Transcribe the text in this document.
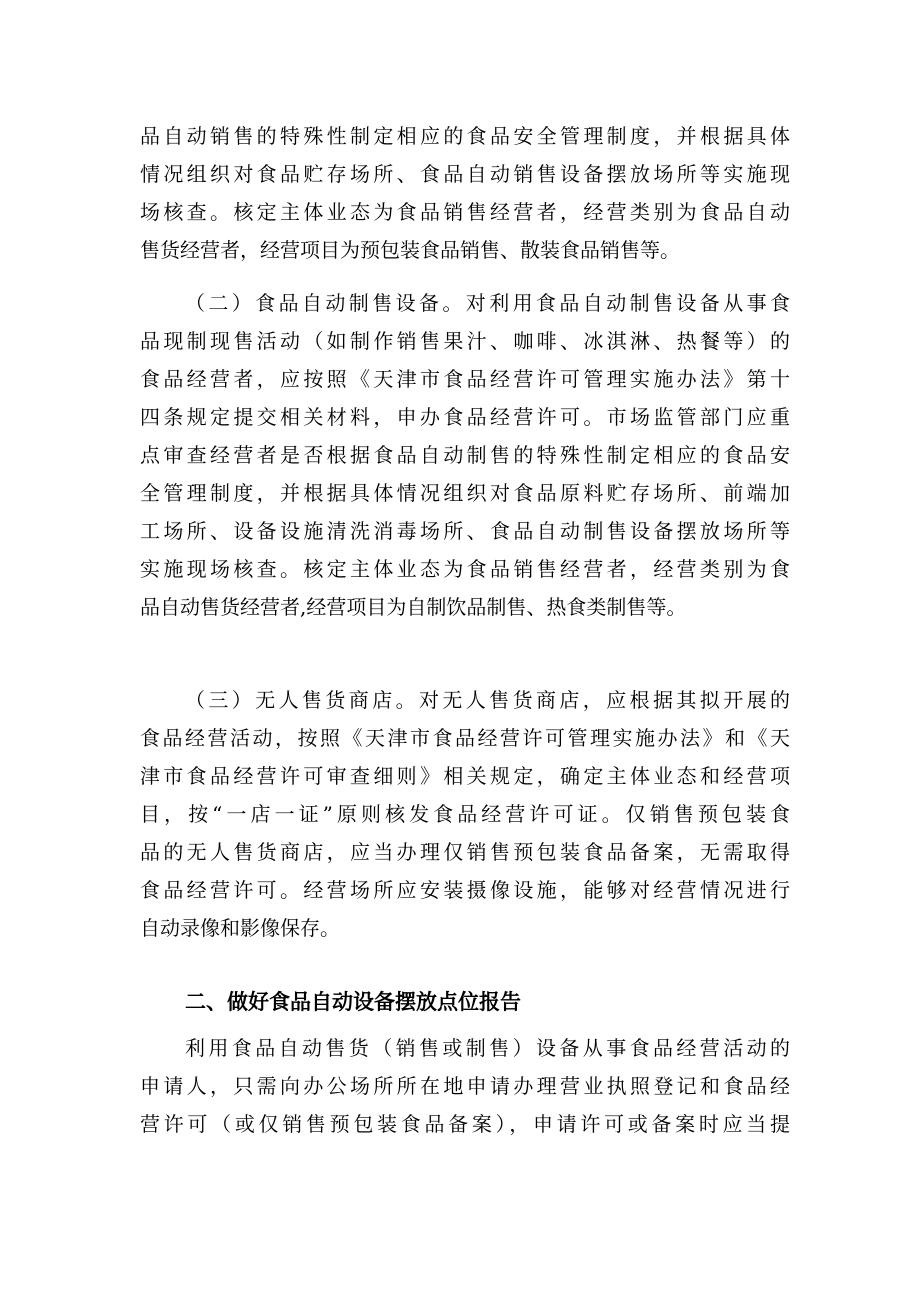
品自动销售的特殊性制定相应的食品安全管理制度，并根据具体
情况组织对食品贮存场所、食品自动销售设备摆放场所等实施现
场核查。核定主体业态为食品销售经营者，经营类别为食品自动
售货经营者，经营项目为预包装食品销售、散装食品销售等。
（二）食品自动制售设备。对利用食品自动制售设备从事食
品现制现售活动（如制作销售果汁、咖啡、冰淇淋、热餐等）的
食品经营者，应按照《天津市食品经营许可管理实施办法》第十
四条规定提交相关材料，申办食品经营许可。市场监管部门应重
点审查经营者是否根据食品自动制售的特殊性制定相应的食品安
全管理制度，并根据具体情况组织对食品原料贮存场所、前端加
工场所、设备设施清洗消毒场所、食品自动制售设备摆放场所等
实施现场核查。核定主体业态为食品销售经营者，经营类别为食
品自动售货经营者,经营项目为自制饮品制售、热食类制售等。
（三）无人售货商店。对无人售货商店，应根据其拟开展的
食品经营活动，按照《天津市食品经营许可管理实施办法》和《天
津市食品经营许可审查细则》相关规定，确定主体业态和经营项
目，按“一店一证”原则核发食品经营许可证。仅销售预包装食
品的无人售货商店，应当办理仅销售预包装食品备案，无需取得
食品经营许可。经营场所应安装摄像设施，能够对经营情况进行
自动录像和影像保存。
二、做好食品自动设备摆放点位报告
利用食品自动售货（销售或制售）设备从事食品经营活动的
申请人，只需向办公场所所在地申请办理营业执照登记和食品经
营许可（或仅销售预包装食品备案），申请许可或备案时应当提
